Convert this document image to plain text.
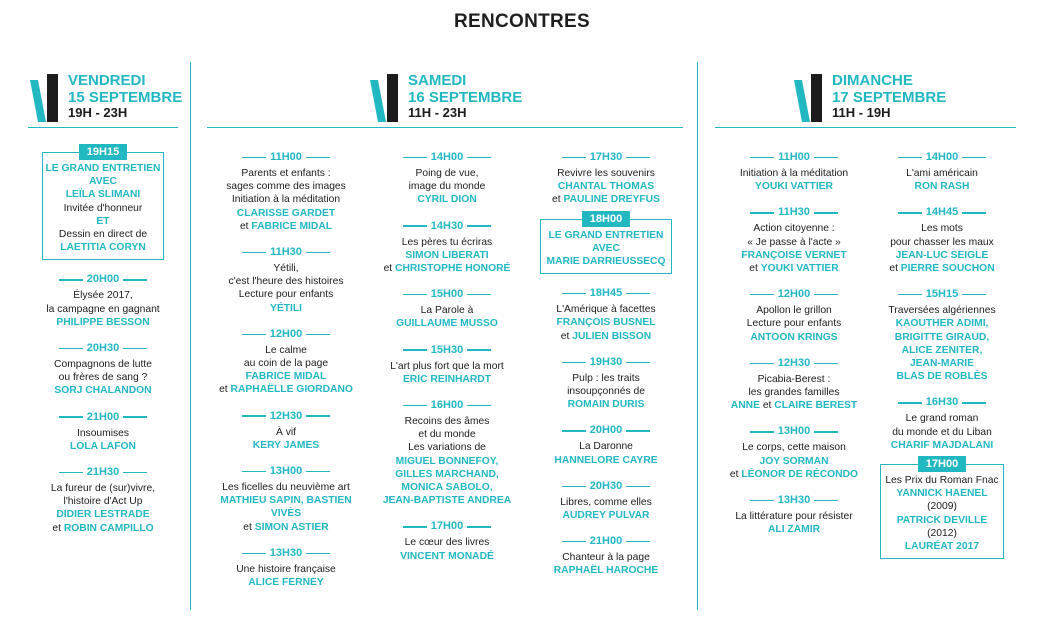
RENCONTRES
VENDREDI
15 SEPTEMBRE
19H - 23H
SAMEDI
16 SEPTEMBRE
11H - 23H
DIMANCHE
17 SEPTEMBRE
11H - 19H
19H15
LE GRAND ENTRETIEN
AVEC
LEÏLA SLIMANI
Invitée d'honneur
ET
Dessin en direct de
LAETITIA CORYN
20H00
Élysée 2017,
la campagne en gagnant
PHILIPPE BESSON
20H30
Compagnons de lutte
ou frères de sang ?
SORJ CHALANDON
21H00
Insoumises
LOLA LAFON
21H30
La fureur de (sur)vivre,
l'histoire d'Act Up
DIDIER LESTRADE
et ROBIN CAMPILLO
11H00
Parents et enfants :
sages comme des images
Initiation à la méditation
CLARISSE GARDET
et FABRICE MIDAL
11H30
Yétili,
c'est l'heure des histoires
Lecture pour enfants
YÉTILI
12H00
Le calme
au coin de la page
FABRICE MIDAL
et RAPHAËLLE GIORDANO
12H30
À vif
KERY JAMES
13H00
Les ficelles du neuvième art
MATHIEU SAPIN, BASTIEN VIVÈS
et SIMON ASTIER
13H30
Une histoire française
ALICE FERNEY
14H00
Poing de vue,
image du monde
CYRIL DION
14H30
Les pères tu écriras
SIMON LIBERATI
et CHRISTOPHE HONORÉ
15H00
La Parole à
GUILLAUME MUSSO
15H30
L'art plus fort que la mort
ERIC REINHARDT
16H00
Recoins des âmes
et du monde
Les variations de
MIGUEL BONNEFOY,
GILLES MARCHAND,
MONICA SABOLO,
JEAN-BAPTISTE ANDREA
17H00
Le cœur des livres
VINCENT MONADÉ
17H30
Revivre les souvenirs
CHANTAL THOMAS
et PAULINE DREYFUS
18H00
LE GRAND ENTRETIEN
AVEC
MARIE DARRIEUSSECQ
18H45
L'Amérique à facettes
FRANÇOIS BUSNEL
et JULIEN BISSON
19H30
Pulp : les traits
insoupçonnés de
ROMAIN DURIS
20H00
La Daronne
HANNELORE CAYRE
20H30
Libres, comme elles
AUDREY PULVAR
21H00
Chanteur à la page
RAPHAËL HAROCHE
11H00
Initiation à la méditation
YOUKI VATTIER
11H30
Action citoyenne :
« Je passe à l'acte »
FRANÇOISE VERNET
et YOUKI VATTIER
12H00
Apollon le grillon
Lecture pour enfants
ANTOON KRINGS
12H30
Picabia-Berest :
les grandes familles
ANNE et CLAIRE BEREST
13H00
Le corps, cette maison
JOY SORMAN
et LÉONOR DE RÉCONDO
13H30
La littérature pour résister
ALI ZAMIR
14H00
L'ami américain
RON RASH
14H45
Les mots
pour chasser les maux
JEAN-LUC SEIGLE
et PIERRE SOUCHON
15H15
Traversées algériennes
KAOUTHER ADIMI,
BRIGITTE GIRAUD,
ALICE ZENITER,
JEAN-MARIE
BLAS DE ROBLÈS
16H30
Le grand roman
du monde et du Liban
CHARIF MAJDALANI
17H00
Les Prix du Roman Fnac
YANNICK HAENEL (2009)
PATRICK DEVILLE (2012)
LAURÉAT 2017
